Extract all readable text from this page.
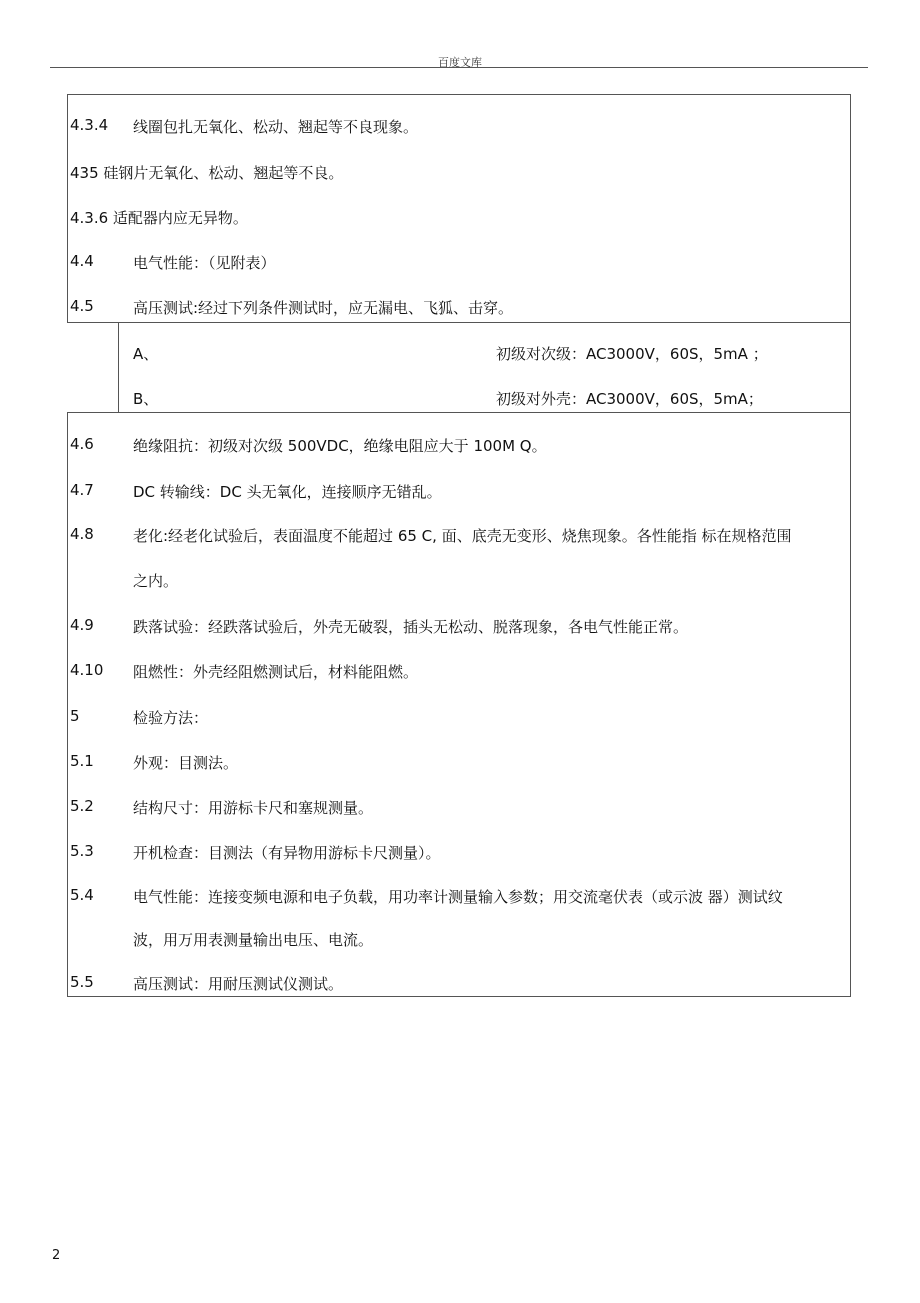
百度文库
4.3.4 线圈包扎无氧化、松动、翘起等不良现象。
435 硅钢片无氧化、松动、翘起等不良。
4.3.6 适配器内应无异物。
4.4	电气性能：（见附表）
4.5	高压测试:经过下列条件测试时，应无漏电、飞狐、击穿。
A、	初级对次级：AC3000V，60S，5mA ；
B、	初级对外壳：AC3000V，60S，5mA；
4.6	绝缘阻抗：初级对次级 500VDC，绝缘电阻应大于 100M Q。
4.7	DC 转输线：DC 头无氧化，连接顺序无错乱。
4.8	老化:经老化试验后，表面温度不能超过 65 C, 面、底壳无变形、烧焦现象。各性能指 标在规格范围
之内。
4.9	跌落试验：经跌落试验后，外壳无破裂，插头无松动、脱落现象，各电气性能正常。
4.10 阻燃性：外壳经阻燃测试后，材料能阻燃。
5	检验方法：
5.1	外观：目测法。
5.2	结构尺寸：用游标卡尺和塞规测量。
5.3	开机检查：目测法（有异物用游标卡尺测量）。
5.4	电气性能：连接变频电源和电子负载，用功率计测量输入参数；用交流毫伏表（或示波 器）测试纹
波，用万用表测量输出电压、电流。
5.5	高压测试：用耐压测试仪测试。
2
